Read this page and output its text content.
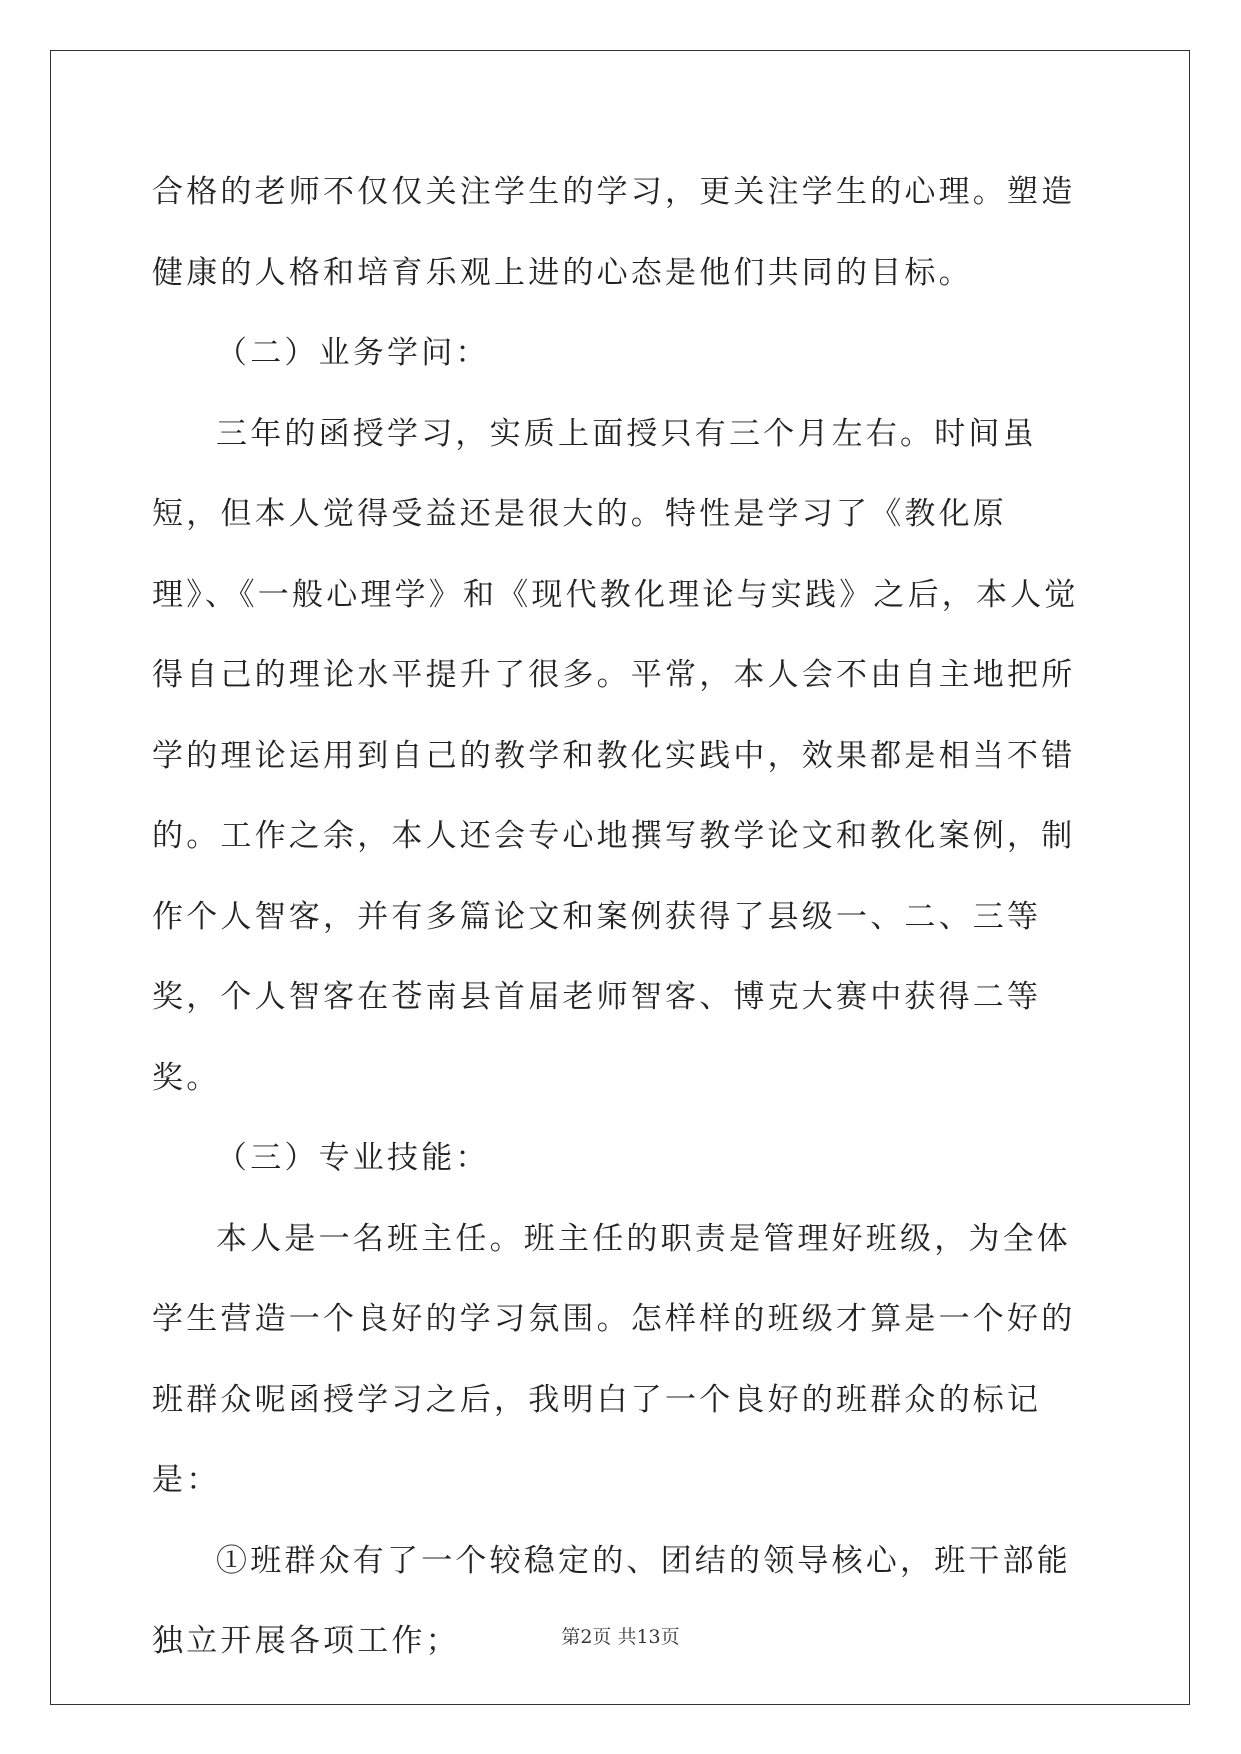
合格的老师不仅仅关注学生的学习，更关注学生的心理。塑造健康的人格和培育乐观上进的心态是他们共同的目标。

（二）业务学问：

三年的函授学习，实质上面授只有三个月左右。时间虽短，但本人觉得受益还是很大的。特性是学习了《教化原理》、《一般心理学》和《现代教化理论与实践》之后，本人觉得自己的理论水平提升了很多。平常，本人会不由自主地把所学的理论运用到自己的教学和教化实践中，效果都是相当不错的。工作之余，本人还会专心地撰写教学论文和教化案例，制作个人智客，并有多篇论文和案例获得了县级一、二、三等奖，个人智客在苍南县首届老师智客、博克大赛中获得二等奖。

（三）专业技能：

本人是一名班主任。班主任的职责是管理好班级，为全体学生营造一个良好的学习氛围。怎样样的班级才算是一个好的班群众呢函授学习之后，我明白了一个良好的班群众的标记是：

①班群众有了一个较稳定的、团结的领导核心，班干部能独立开展各项工作；	第2页 共13页
